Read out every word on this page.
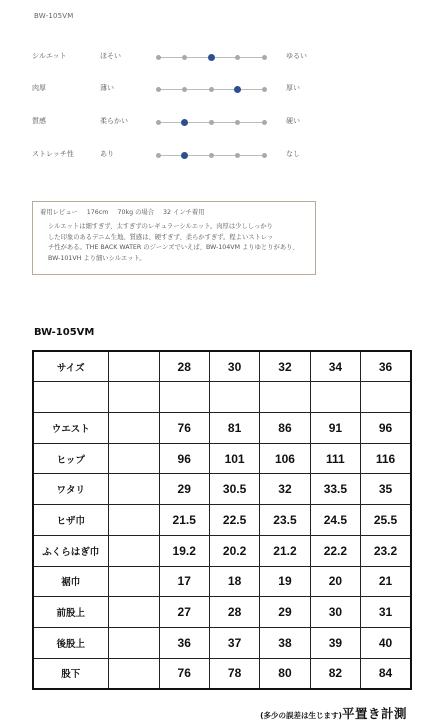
BW-105VM
シルエット	ほそい	ゆるい
肉厚	薄い	厚い
質感	柔らかい	硬い
ストレッチ性	あり	なし
着用レビュー 176cm 70kg の場合 32 インチ着用
シルエットは細すぎず、太すぎずのレギュラーシルエット。肉厚は少ししっかり
した印象のあるデニム生地。質感は、硬すぎず、柔らかすぎず。程よいストレッ
チ性がある。THE BACK WATER のジーンズでいえば、BW-104VM よりゆとりがあり、
BW-101VH より細いシルエット。
BW-105VM
サイズ		28	30	32	34	36

ウエスト		76	81	86	91	96
ヒップ		96	101	106	111	116
ワタリ		29	30.5	32	33.5	35
ヒザ巾		21.5	22.5	23.5	24.5	25.5
ふくらはぎ巾		19.2	20.2	21.2	22.2	23.2
裾巾		17	18	19	20	21
前股上		27	28	29	30	31
後股上		36	37	38	39	40
股下		76	78	80	82	84
(多少の誤差は生じます)平置き計測
